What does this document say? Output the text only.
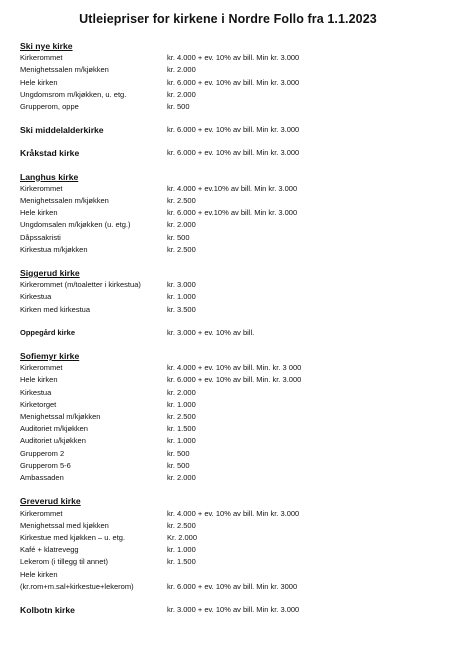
Utleiepriser for kirkene i Nordre Follo fra 1.1.2023
Ski nye kirke
Kirkerommet	kr. 4.000 + ev. 10% av bill. Min kr. 3.000
Menighetssalen m/kjøkken	kr. 2.000
Hele kirken	kr. 6.000 + ev. 10% av bill. Min kr. 3.000
Ungdomsrom m/kjøkken, u. etg.	kr. 2.000
Grupperom, oppe	kr. 500
Ski middelalderkirke	kr. 6.000 + ev. 10% av bill. Min kr. 3.000
Kråkstad kirke	kr. 6.000 + ev. 10% av bill. Min kr. 3.000
Langhus kirke
Kirkerommet	kr. 4.000 + ev.10% av bill. Min kr. 3.000
Menighetssalen m/kjøkken	kr. 2.500
Hele kirken	kr. 6.000 + ev.10% av bill. Min kr. 3.000
Ungdomsalen m/kjøkken (u. etg.)	kr. 2.000
Dåpssakristi	kr. 500
Kirkestua m/kjøkken	kr. 2.500
Siggerud kirke
Kirkerommet (m/toaletter i kirkestua)	kr. 3.000
Kirkestua	kr. 1.000
Kirken med kirkestua	kr. 3.500
Oppegård kirke	kr. 3.000 + ev. 10% av bill.
Sofiemyr kirke
Kirkerommet	kr. 4.000 + ev. 10% av bill. Min. kr. 3 000
Hele kirken	kr. 6.000 + ev. 10% av bill. Min. kr. 3.000
Kirkestua	kr. 2.000
Kirketorget	kr. 1.000
Menighetssal m/kjøkken	kr. 2.500
Auditoriet m/kjøkken	kr. 1.500
Auditoriet u/kjøkken	kr. 1.000
Grupperom 2	kr. 500
Grupperom 5-6	kr. 500
Ambassaden	kr. 2.000
Greverud kirke
Kirkerommet	kr. 4.000 + ev. 10% av bill. Min kr. 3.000
Menighetssal med kjøkken	kr. 2.500
Kirkestue med kjøkken – u. etg.	Kr. 2.000
Kafé + klatrevegg	kr. 1.000
Lekerom (i tillegg til annet)	kr. 1.500
Hele kirken
(kr.rom+m.sal+kirkestue+lekerom)	kr. 6.000 + ev. 10% av bill. Min kr. 3000
Kolbotn kirke	kr. 3.000 + ev. 10% av bill. Min kr. 3.000
